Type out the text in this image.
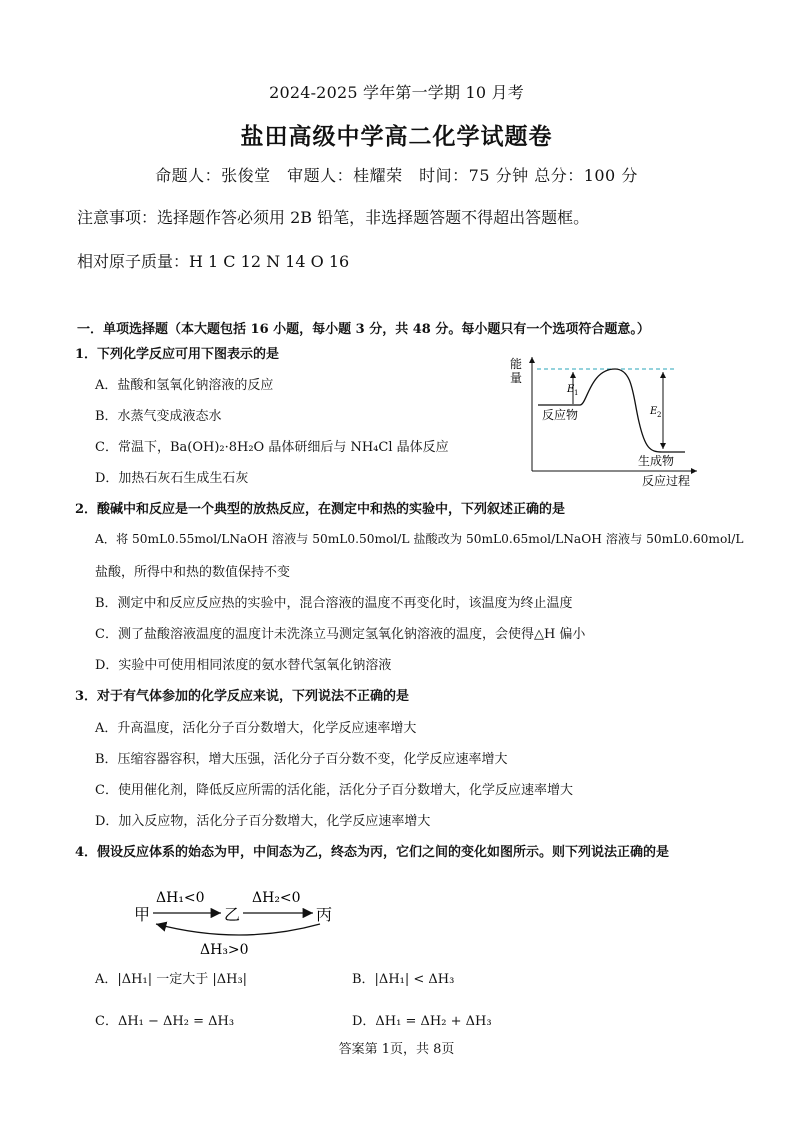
2024-2025 学年第一学期 10 月考
盐田高级中学高二化学试题卷
命题人：张俊堂　审题人：桂耀荣　时间：75 分钟 总分：100 分
注意事项：选择题作答必须用 2B 铅笔，非选择题答题不得超出答题框。
相对原子质量：H 1 C 12 N 14 O 16
一．单项选择题（本大题包括 16 小题，每小题 3 分，共 48 分。每小题只有一个选项符合题意。）
1．下列化学反应可用下图表示的是
A．盐酸和氢氧化钠溶液的反应
B．水蒸气变成液态水
C．常温下，Ba(OH)₂·8H₂O 晶体研细后与 NH₄Cl 晶体反应
D．加热石灰石生成生石灰
能
量
E 1
E 2
反应物
生成物
反应过程
2．酸碱中和反应是一个典型的放热反应，在测定中和热的实验中，下列叙述正确的是
A．将 50mL0.55mol/LNaOH 溶液与 50mL0.50mol/L 盐酸改为 50mL0.65mol/LNaOH 溶液与 50mL0.60mol/L
盐酸，所得中和热的数值保持不变
B．测定中和反应反应热的实验中，混合溶液的温度不再变化时，该温度为终止温度
C．测了盐酸溶液温度的温度计未洗涤立马测定氢氧化钠溶液的温度，会使得△H 偏小
D．实验中可使用相同浓度的氨水替代氢氧化钠溶液
3．对于有气体参加的化学反应来说，下列说法不正确的是
A．升高温度，活化分子百分数增大，化学反应速率增大
B．压缩容器容积，增大压强，活化分子百分数不变，化学反应速率增大
C．使用催化剂，降低反应所需的活化能，活化分子百分数增大，化学反应速率增大
D．加入反应物，活化分子百分数增大，化学反应速率增大
4．假设反应体系的始态为甲，中间态为乙，终态为丙，它们之间的变化如图所示。则下列说法正确的是
甲	乙	丙
ΔH₁<0	ΔH₂<0
ΔH₃>0
A．|ΔH₁| 一定大于 |ΔH₃|	B．|ΔH₁| < ΔH₃
C．ΔH₁ − ΔH₂ = ΔH₃	D．ΔH₁ = ΔH₂ + ΔH₃
答案第 1页，共 8页
